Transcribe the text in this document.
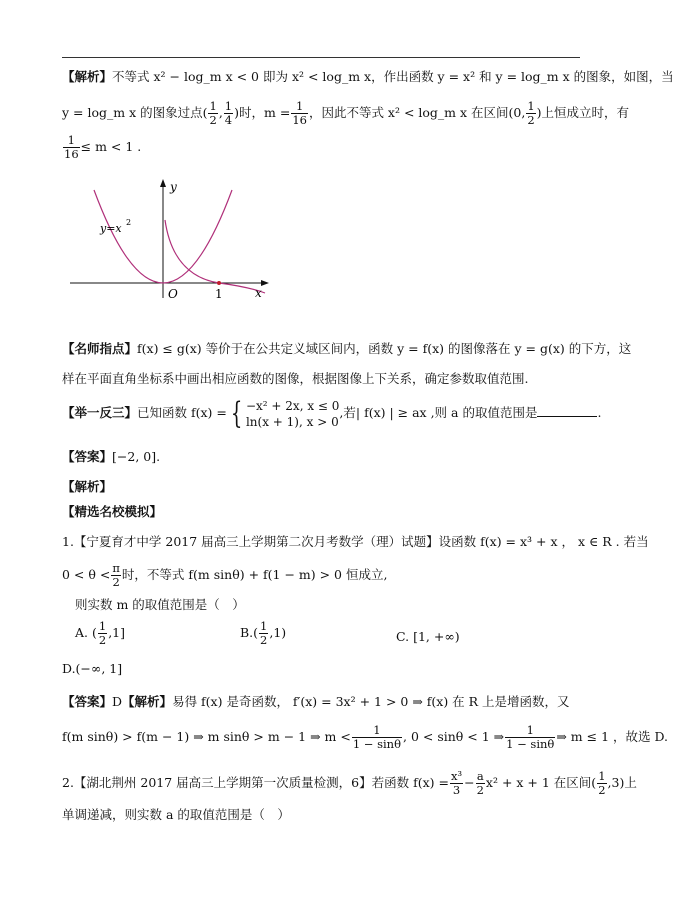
【解析】不等式 x² − log_m x < 0 即为 x² < log_m x，作出函数 y = x² 和 y = log_m x 的图象，如图，当
y = log_m x 的图象过点( $\frac{1}{2}$ , $\frac{1}{4}$ )时，$m = \frac{1}{16}$ ，因此不等式 x² < log_m x 在区间(0, $\frac{1}{2}$ )上恒成立时，有
$\frac{1}{16} \le m < 1$ .
y
x
O	1
y=x 2
【名师指点】f(x) ≤ g(x) 等价于在公共定义域区间内，函数 y = f(x) 的图像落在 y = g(x) 的下方，这
样在平面直角坐标系中画出相应函数的图像，根据图像上下关系，确定参数取值范围.
【举一反三】已知函数 f(x) = { −x² + 2x, x ≤ 0
ln(x + 1), x > 0
,若| f(x) | ≥ ax ,则 a 的取值范围是	.
【答案】[−2, 0].
【解析】
【精选名校模拟】
1.【宁夏育才中学 2017 届高三上学期第二次月考数学（理）试题】设函数 f(x) = x³ + x ， x ∈ R . 若当
$0 < \theta < \frac{\pi}{2}$ 时，不等式 f(m sinθ) + f(1 − m) > 0 恒成立,
则实数 m 的取值范围是（　）
A. ( $\frac{1}{2} ,1$]	$B.( \frac{1}{2} ,1)$	C. [1, +∞)
D.(−∞, 1]
【答案】D【解析】易得 f(x) 是奇函数， f′(x) = 3x² + 1 > 0 ⇒ f(x) 在 R 上是增函数，又
f(m sinθ) > f(m − 1) ⇒ m sinθ > m − 1 ⇒ $m < \frac{1}{1 - \sin\theta}$ , 0 < sinθ < 1 ⇒ $\frac{1}{1 - \sin\theta}$ ⇒ m ≤ 1 ，故选 D.
2.【湖北荆州 2017 届高三上学期第一次质量检测，6】若函数 $f(x) = \frac{\text{x³}}{3} - \frac{a}{2} x^2 + x + 1$ 在区间( $\frac{1}{2} ,3$)上
单调递减，则实数 a 的取值范围是（　）
